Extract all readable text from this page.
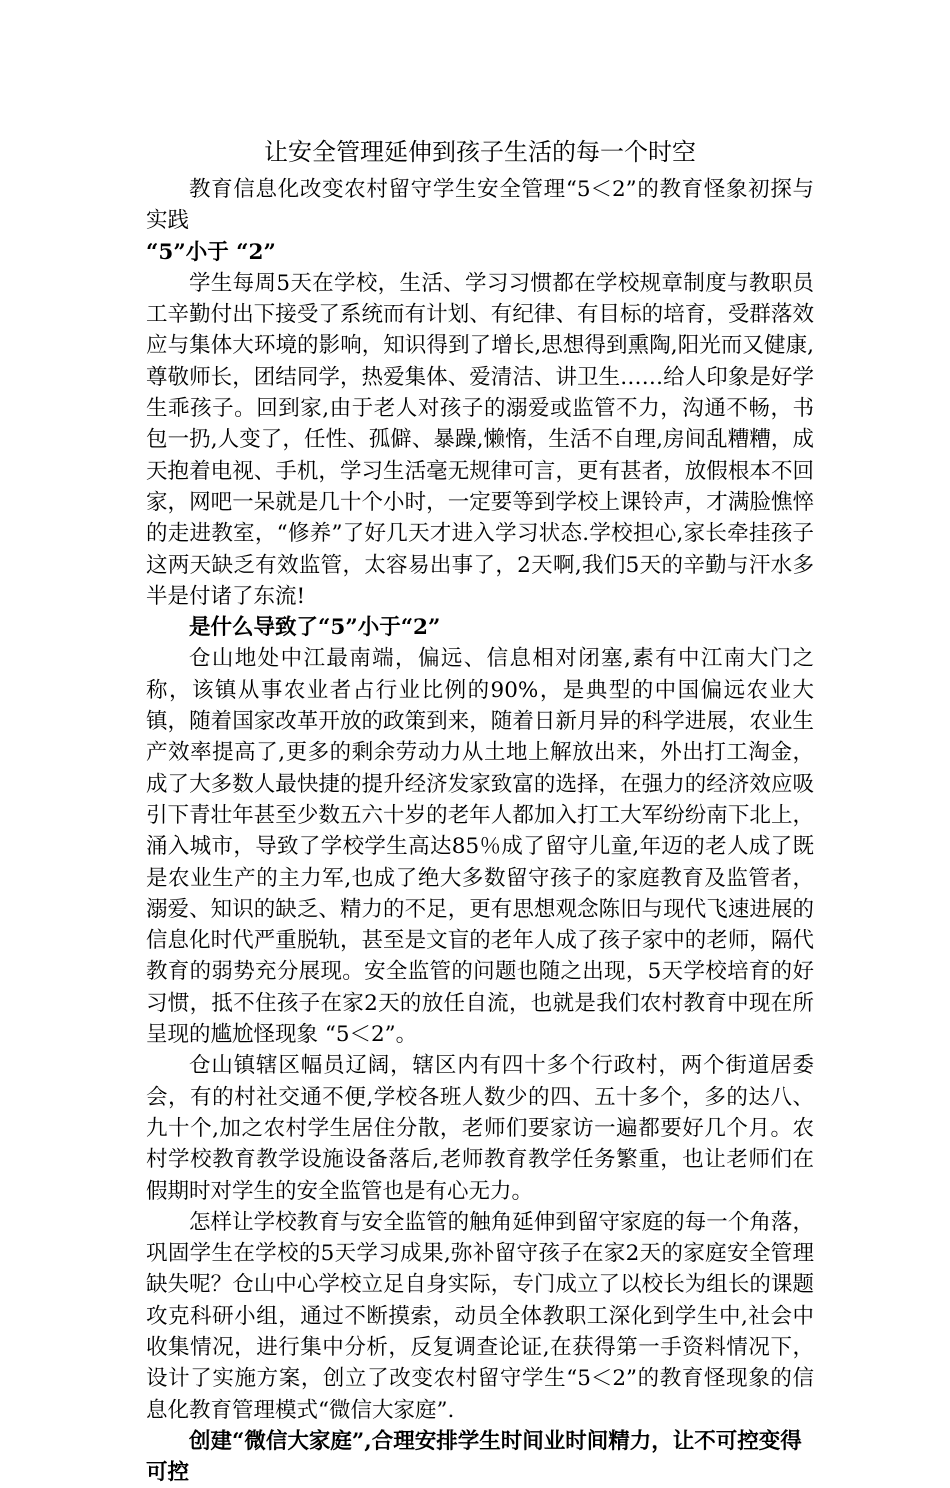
让安全管理延伸到孩子生活的每一个时空

教育信息化改变农村留守学生安全管理“5＜2”的教育怪象初探与实践

“5”小于 “2”

学生每周5天在学校，生活、学习习惯都在学校规章制度与教职员工辛勤付出下接受了系统而有计划、有纪律、有目标的培育，受群落效应与集体大环境的影响，知识得到了增长,思想得到熏陶,阳光而又健康,尊敬师长，团结同学，热爱集体、爱清洁、讲卫生……给人印象是好学生乖孩子。回到家,由于老人对孩子的溺爱或监管不力，沟通不畅，书包一扔,人变了，任性、孤僻、暴躁,懒惰，生活不自理,房间乱糟糟，成天抱着电视、手机，学习生活毫无规律可言，更有甚者，放假根本不回家，网吧一呆就是几十个小时，一定要等到学校上课铃声，才满脸憔悴的走进教室，“修养”了好几天才进入学习状态.学校担心,家长牵挂孩子这两天缺乏有效监管，太容易出事了，2天啊,我们5天的辛勤与汗水多半是付诸了东流!

是什么导致了“5”小于“2”

仓山地处中江最南端，偏远、信息相对闭塞,素有中江南大门之称，该镇从事农业者占行业比例的90%，是典型的中国偏远农业大镇，随着国家改革开放的政策到来，随着日新月异的科学进展，农业生产效率提高了,更多的剩余劳动力从土地上解放出来，外出打工淘金，成了大多数人最快捷的提升经济发家致富的选择，在强力的经济效应吸引下青壮年甚至少数五六十岁的老年人都加入打工大军纷纷南下北上，涌入城市，导致了学校学生高达85％成了留守儿童,年迈的老人成了既是农业生产的主力军,也成了绝大多数留守孩子的家庭教育及监管者，溺爱、知识的缺乏、精力的不足，更有思想观念陈旧与现代飞速进展的信息化时代严重脱轨，甚至是文盲的老年人成了孩子家中的老师，隔代教育的弱势充分展现。安全监管的问题也随之出现，5天学校培育的好习惯，抵不住孩子在家2天的放任自流，也就是我们农村教育中现在所呈现的尴尬怪现象 “5＜2”。

仓山镇辖区幅员辽阔，辖区内有四十多个行政村，两个街道居委会，有的村社交通不便,学校各班人数少的四、五十多个，多的达八、九十个,加之农村学生居住分散，老师们要家访一遍都要好几个月。农村学校教育教学设施设备落后,老师教育教学任务繁重，也让老师们在假期时对学生的安全监管也是有心无力。

怎样让学校教育与安全监管的触角延伸到留守家庭的每一个角落，巩固学生在学校的5天学习成果,弥补留守孩子在家2天的家庭安全管理缺失呢？仓山中心学校立足自身实际，专门成立了以校长为组长的课题攻克科研小组，通过不断摸索，动员全体教职工深化到学生中,社会中收集情况，进行集中分析，反复调查论证,在获得第一手资料情况下，设计了实施方案，创立了改变农村留守学生“5＜2”的教育怪现象的信息化教育管理模式“微信大家庭”.

创建“微信大家庭”,合理安排学生时间业时间精力，让不可控变得可控
